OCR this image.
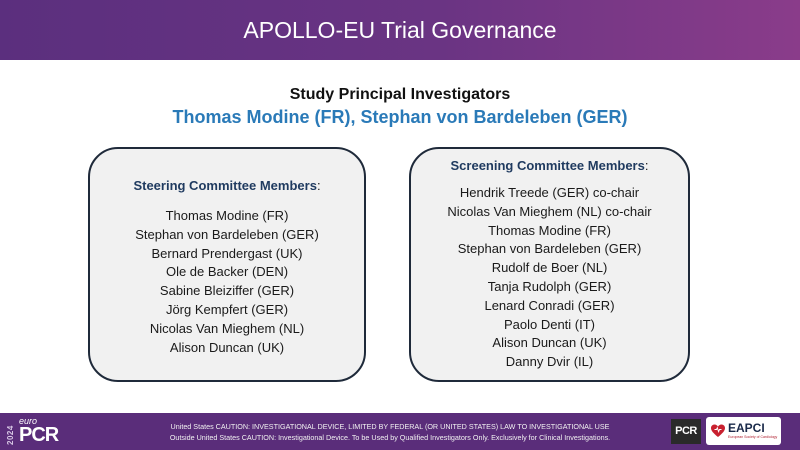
APOLLO-EU Trial Governance
Study Principal Investigators
Thomas Modine (FR), Stephan von Bardeleben (GER)
Steering Committee Members:
Thomas Modine (FR)
Stephan von Bardeleben (GER)
Bernard Prendergast (UK)
Ole de Backer (DEN)
Sabine Bleiziffer (GER)
Jörg Kempfert (GER)
Nicolas Van Mieghem (NL)
Alison Duncan (UK)
Screening Committee Members:
Hendrik Treede (GER) co-chair
Nicolas Van Mieghem (NL) co-chair
Thomas Modine (FR)
Stephan von Bardeleben (GER)
Rudolf de Boer (NL)
Tanja Rudolph (GER)
Lenard Conradi (GER)
Paolo Denti (IT)
Alison Duncan (UK)
Danny Dvir (IL)
2024
euro
PCR	United States CAUTION: INVESTIGATIONAL DEVICE, LIMITED BY FEDERAL (OR UNITED STATES) LAW TO INVESTIGATIONAL USE
Outside United States CAUTION: Investigational Device. To be Used by Qualified Investigators Only. Exclusively for Clinical Investigations.
PCR	EAPCI
European Society of Cardiology
